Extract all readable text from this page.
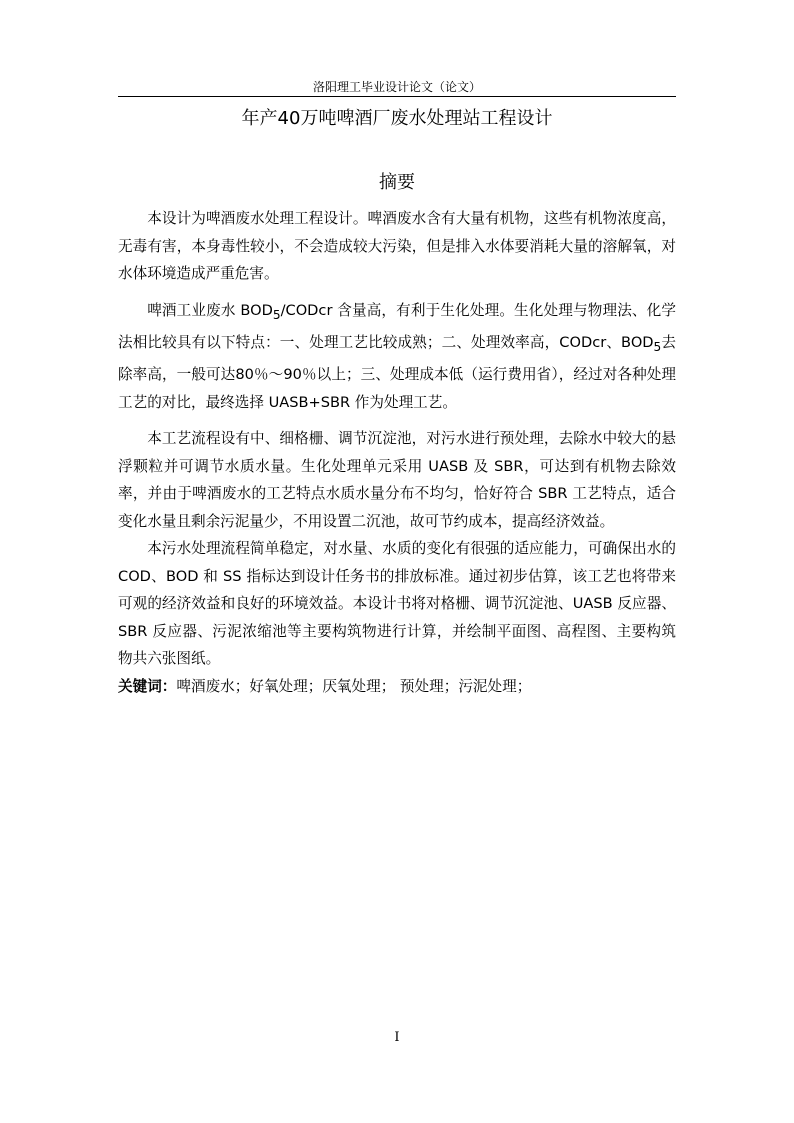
洛阳理工毕业设计论文（论文）
年产40万吨啤酒厂废水处理站工程设计
摘要

本设计为啤酒废水处理工程设计。啤酒废水含有大量有机物，这些有机物浓度高，无毒有害，本身毒性较小，不会造成较大污染，但是排入水体要消耗大量的溶解氧，对水体环境造成严重危害。

啤酒工业废水 $BOD_5$/CODcr 含量高，有利于生化处理。生化处理与物理法、化学法相比较具有以下特点：一、处理工艺比较成熟；二、处理效率高，CODcr、$BOD_5$去除率高，一般可达80％～90％以上；三、处理成本低（运行费用省），经过对各种处理工艺的对比，最终选择 UASB+SBR 作为处理工艺。

本工艺流程设有中、细格栅、调节沉淀池，对污水进行预处理，去除水中较大的悬浮颗粒并可调节水质水量。生化处理单元采用 UASB 及 SBR，可达到有机物去除效率，并由于啤酒废水的工艺特点水质水量分布不均匀，恰好符合 SBR 工艺特点，适合变化水量且剩余污泥量少，不用设置二沉池，故可节约成本，提高经济效益。

本污水处理流程简单稳定，对水量、水质的变化有很强的适应能力，可确保出水的 COD、BOD 和 SS 指标达到设计任务书的排放标准。通过初步估算，该工艺也将带来可观的经济效益和良好的环境效益。本设计书将对格栅、调节沉淀池、UASB 反应器、SBR 反应器、污泥浓缩池等主要构筑物进行计算，并绘制平面图、高程图、主要构筑物共六张图纸。

关键词：啤酒废水；好氧处理；厌氧处理； 预处理；污泥处理；
I
